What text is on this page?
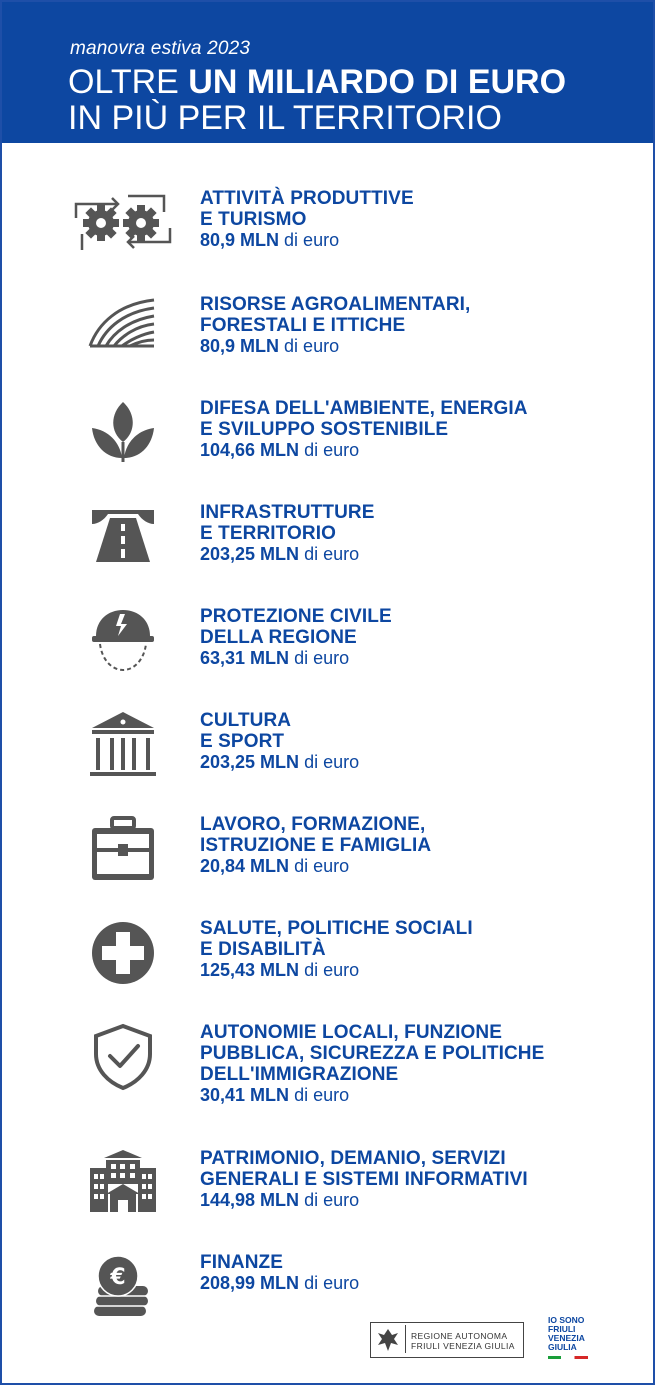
manovra estiva 2023
OLTRE UN MILIARDO DI EURO
IN PIÙ PER IL TERRITORIO
ATTIVITÀ PRODUTTIVE
E TURISMO
80,9 MLN di euro
RISORSE AGROALIMENTARI,
FORESTALI E ITTICHE
80,9 MLN di euro
DIFESA DELL'AMBIENTE, ENERGIA
E SVILUPPO SOSTENIBILE
104,66 MLN di euro
INFRASTRUTTURE
E TERRITORIO
203,25 MLN di euro
PROTEZIONE CIVILE
DELLA REGIONE
63,31 MLN di euro
CULTURA
E SPORT
203,25 MLN di euro
LAVORO, FORMAZIONE,
ISTRUZIONE E FAMIGLIA
20,84 MLN di euro
SALUTE, POLITICHE SOCIALI
E DISABILITÀ
125,43 MLN di euro
AUTONOMIE LOCALI, FUNZIONE
PUBBLICA, SICUREZZA E POLITICHE
DELL'IMMIGRAZIONE
30,41 MLN di euro
PATRIMONIO, DEMANIO, SERVIZI
GENERALI E SISTEMI INFORMATIVI
144,98 MLN di euro
€
FINANZE
208,99 MLN di euro
REGIONE AUTONOMA
FRIULI VENEZIA GIULIA
IO SONO
FRIULI
VENEZIA
GIULIA
